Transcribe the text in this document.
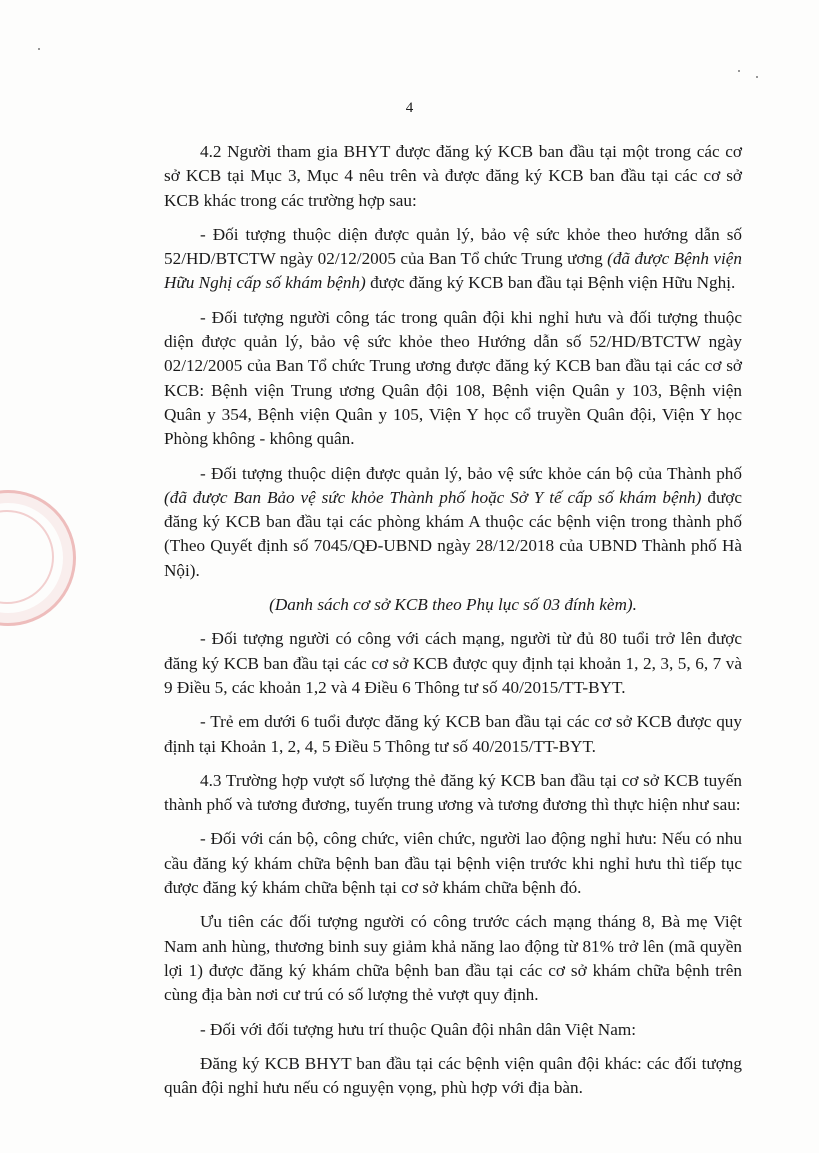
4

4.2 Người tham gia BHYT được đăng ký KCB ban đầu tại một trong các cơ sở KCB tại Mục 3, Mục 4 nêu trên và được đăng ký KCB ban đầu tại các cơ sở KCB khác trong các trường hợp sau:

- Đối tượng thuộc diện được quản lý, bảo vệ sức khỏe theo hướng dẫn số 52/HD/BTCTW ngày 02/12/2005 của Ban Tổ chức Trung ương (đã được Bệnh viện Hữu Nghị cấp số khám bệnh) được đăng ký KCB ban đầu tại Bệnh viện Hữu Nghị.

- Đối tượng người công tác trong quân đội khi nghỉ hưu và đối tượng thuộc diện được quản lý, bảo vệ sức khỏe theo Hướng dẫn số 52/HD/BTCTW ngày 02/12/2005 của Ban Tổ chức Trung ương được đăng ký KCB ban đầu tại các cơ sở KCB: Bệnh viện Trung ương Quân đội 108, Bệnh viện Quân y 103, Bệnh viện Quân y 354, Bệnh viện Quân y 105, Viện Y học cổ truyền Quân đội, Viện Y học Phòng không - không quân.

- Đối tượng thuộc diện được quản lý, bảo vệ sức khỏe cán bộ của Thành phố (đã được Ban Bảo vệ sức khỏe Thành phố hoặc Sở Y tế cấp số khám bệnh) được đăng ký KCB ban đầu tại các phòng khám A thuộc các bệnh viện trong thành phố (Theo Quyết định số 7045/QĐ-UBND ngày 28/12/2018 của UBND Thành phố Hà Nội).

(Danh sách cơ sở KCB theo Phụ lục số 03 đính kèm).

- Đối tượng người có công với cách mạng, người từ đủ 80 tuổi trở lên được đăng ký KCB ban đầu tại các cơ sở KCB được quy định tại khoản 1, 2, 3, 5, 6, 7 và 9 Điều 5, các khoản 1,2 và 4 Điều 6 Thông tư số 40/2015/TT-BYT.

- Trẻ em dưới 6 tuổi được đăng ký KCB ban đầu tại các cơ sở KCB được quy định tại Khoản 1, 2, 4, 5 Điều 5 Thông tư số 40/2015/TT-BYT.

4.3 Trường hợp vượt số lượng thẻ đăng ký KCB ban đầu tại cơ sở KCB tuyến thành phố và tương đương, tuyến trung ương và tương đương thì thực hiện như sau:

- Đối với cán bộ, công chức, viên chức, người lao động nghỉ hưu: Nếu có nhu cầu đăng ký khám chữa bệnh ban đầu tại bệnh viện trước khi nghỉ hưu thì tiếp tục được đăng ký khám chữa bệnh tại cơ sở khám chữa bệnh đó.

Ưu tiên các đối tượng người có công trước cách mạng tháng 8, Bà mẹ Việt Nam anh hùng, thương binh suy giảm khả năng lao động từ 81% trở lên (mã quyền lợi 1) được đăng ký khám chữa bệnh ban đầu tại các cơ sở khám chữa bệnh trên cùng địa bàn nơi cư trú có số lượng thẻ vượt quy định.

- Đối với đối tượng hưu trí thuộc Quân đội nhân dân Việt Nam:

Đăng ký KCB BHYT ban đầu tại các bệnh viện quân đội khác: các đối tượng quân đội nghỉ hưu nếu có nguyện vọng, phù hợp với địa bàn.
